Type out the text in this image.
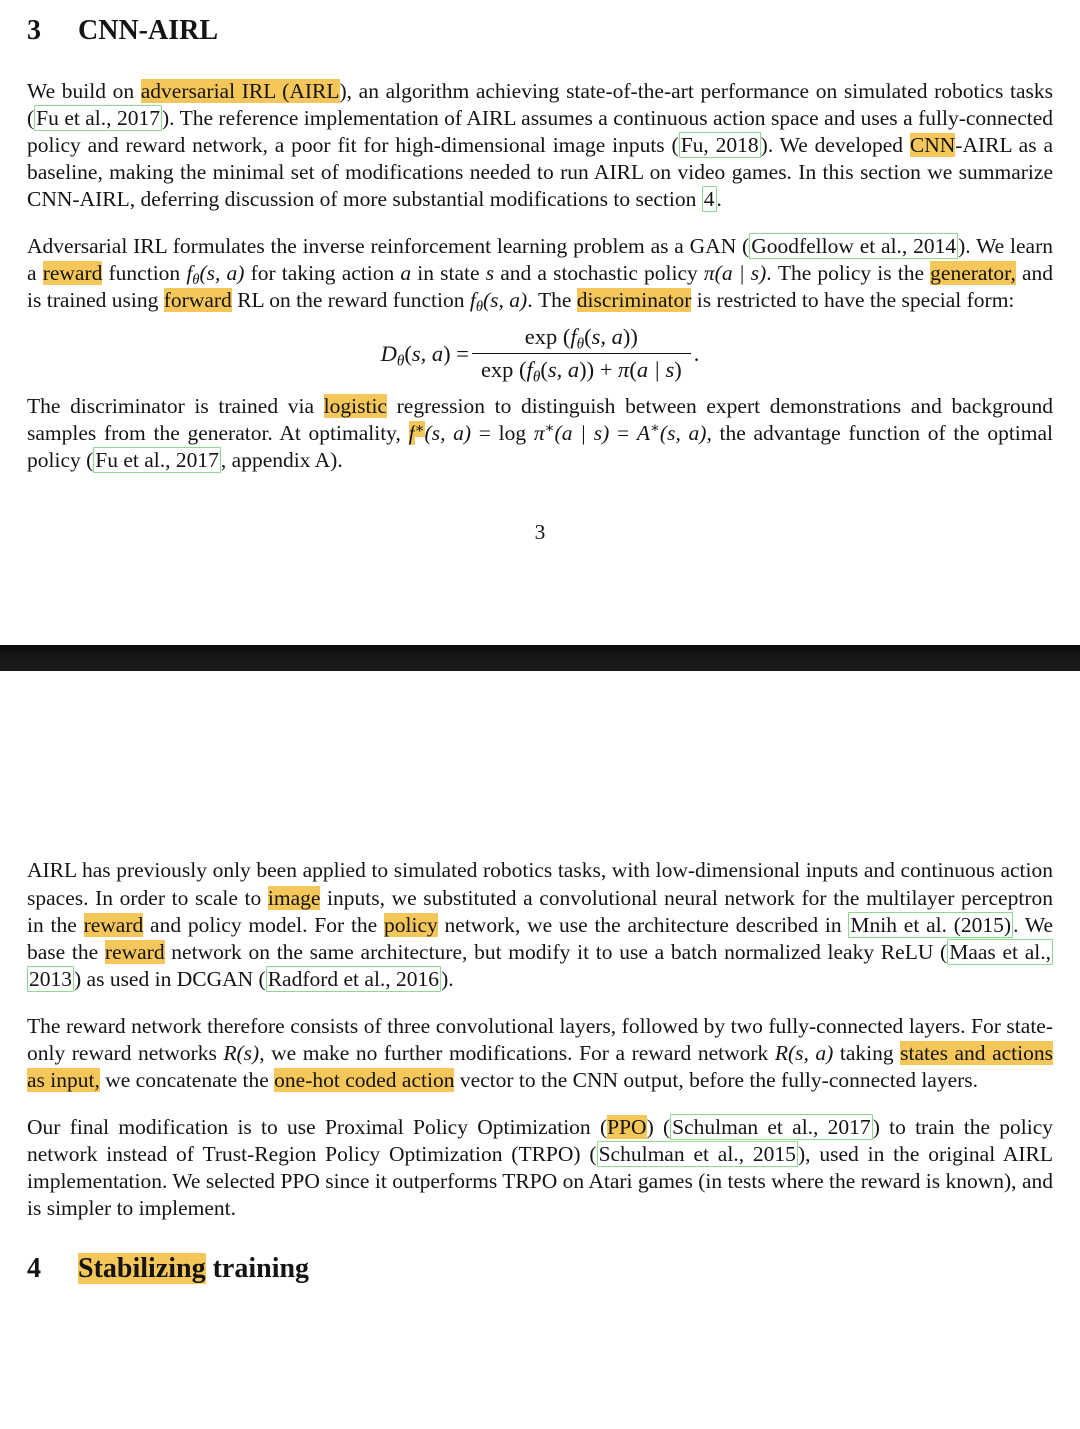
3 CNN-AIRL

We build on adversarial IRL (AIRL), an algorithm achieving state-of-the-art performance on simulated robotics tasks (Fu et al., 2017). The reference implementation of AIRL assumes a continuous action space and uses a fully-connected policy and reward network, a poor fit for high-dimensional image inputs (Fu, 2018). We developed CNN-AIRL as a baseline, making the minimal set of modifications needed to run AIRL on video games. In this section we summarize CNN-AIRL, deferring discussion of more substantial modifications to section 4.

Adversarial IRL formulates the inverse reinforcement learning problem as a GAN (Goodfellow et al., 2014). We learn a reward function fθ(s, a) for taking action a in state s and a stochastic policy π(a | s). The policy is the generator, and is trained using forward RL on the reward function fθ(s, a). The discriminator is restricted to have the special form:

Dθ(s, $a) = \frac{\exp (f\theta(s, a))}{\exp (f\theta(s, a)) + \pi(a | s)}$ .

The discriminator is trained via logistic regression to distinguish between expert demonstrations and background samples from the generator. At optimality, f∗(s, a) = log π∗(a | s) = A∗(s, a), the advantage function of the optimal policy (Fu et al., 2017, appendix A).

3

AIRL has previously only been applied to simulated robotics tasks, with low-dimensional inputs and continuous action spaces. In order to scale to image inputs, we substituted a convolutional neural network for the multilayer perceptron in the reward and policy model. For the policy network, we use the architecture described in Mnih et al. (2015). We base the reward network on the same architecture, but modify it to use a batch normalized leaky ReLU (Maas et al., 2013) as used in DCGAN (Radford et al., 2016).

The reward network therefore consists of three convolutional layers, followed by two fully-connected layers. For state-only reward networks R(s), we make no further modifications. For a reward network R(s, a) taking states and actions as input, we concatenate the one-hot coded action vector to the CNN output, before the fully-connected layers.

Our final modification is to use Proximal Policy Optimization (PPO) (Schulman et al., 2017) to train the policy network instead of Trust-Region Policy Optimization (TRPO) (Schulman et al., 2015), used in the original AIRL implementation. We selected PPO since it outperforms TRPO on Atari games (in tests where the reward is known), and is simpler to implement.

4 Stabilizing training
